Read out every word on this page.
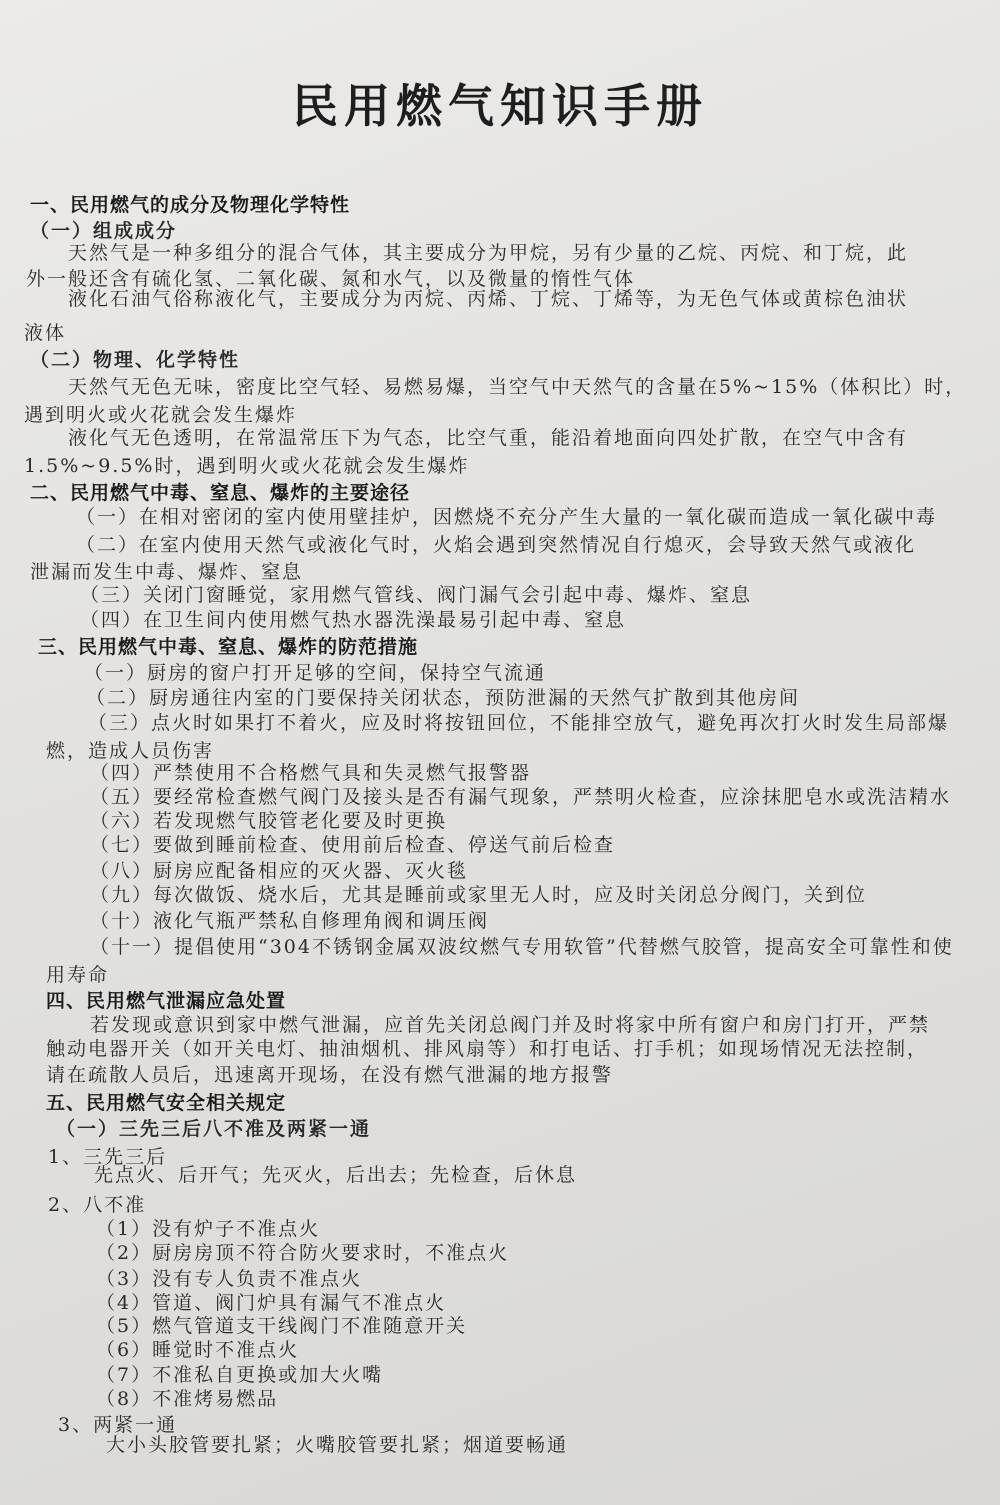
民用燃气知识手册
一、民用燃气的成分及物理化学特性
（一）组成成分
天然气是一种多组分的混合气体，其主要成分为甲烷，另有少量的乙烷、丙烷、和丁烷，此
外一般还含有硫化氢、二氧化碳、氮和水气，以及微量的惰性气体
液化石油气俗称液化气，主要成分为丙烷、丙烯、丁烷、丁烯等，为无色气体或黄棕色油状
液体
（二）物理、化学特性
天然气无色无味，密度比空气轻、易燃易爆，当空气中天然气的含量在5%~15%（体积比）时，
遇到明火或火花就会发生爆炸
液化气无色透明，在常温常压下为气态，比空气重，能沿着地面向四处扩散，在空气中含有
1.5%~9.5%时，遇到明火或火花就会发生爆炸
二、民用燃气中毒、窒息、爆炸的主要途径
（一）在相对密闭的室内使用壁挂炉，因燃烧不充分产生大量的一氧化碳而造成一氧化碳中毒
（二）在室内使用天然气或液化气时，火焰会遇到突然情况自行熄灭，会导致天然气或液化
泄漏而发生中毒、爆炸、窒息
（三）关闭门窗睡觉，家用燃气管线、阀门漏气会引起中毒、爆炸、窒息
（四）在卫生间内使用燃气热水器洗澡最易引起中毒、窒息
三、民用燃气中毒、窒息、爆炸的防范措施
（一）厨房的窗户打开足够的空间，保持空气流通
（二）厨房通往内室的门要保持关闭状态，预防泄漏的天然气扩散到其他房间
（三）点火时如果打不着火，应及时将按钮回位，不能排空放气，避免再次打火时发生局部爆
燃，造成人员伤害
（四）严禁使用不合格燃气具和失灵燃气报警器
（五）要经常检查燃气阀门及接头是否有漏气现象，严禁明火检查，应涂抹肥皂水或洗洁精水
（六）若发现燃气胶管老化要及时更换
（七）要做到睡前检查、使用前后检查、停送气前后检查
（八）厨房应配备相应的灭火器、灭火毯
（九）每次做饭、烧水后，尤其是睡前或家里无人时，应及时关闭总分阀门，关到位
（十）液化气瓶严禁私自修理角阀和调压阀
（十一）提倡使用“304不锈钢金属双波纹燃气专用软管”代替燃气胶管，提高安全可靠性和使
用寿命
四、民用燃气泄漏应急处置
若发现或意识到家中燃气泄漏，应首先关闭总阀门并及时将家中所有窗户和房门打开，严禁
触动电器开关（如开关电灯、抽油烟机、排风扇等）和打电话、打手机；如现场情况无法控制，
请在疏散人员后，迅速离开现场，在没有燃气泄漏的地方报警
五、民用燃气安全相关规定
（一）三先三后八不准及两紧一通
1、三先三后
先点火、后开气；先灭火，后出去；先检查，后休息
2、八不准
（1）没有炉子不准点火
（2）厨房房顶不符合防火要求时，不准点火
（3）没有专人负责不准点火
（4）管道、阀门炉具有漏气不准点火
（5）燃气管道支干线阀门不准随意开关
（6）睡觉时不准点火
（7）不准私自更换或加大火嘴
（8）不准烤易燃品
3、两紧一通
大小头胶管要扎紧；火嘴胶管要扎紧；烟道要畅通
